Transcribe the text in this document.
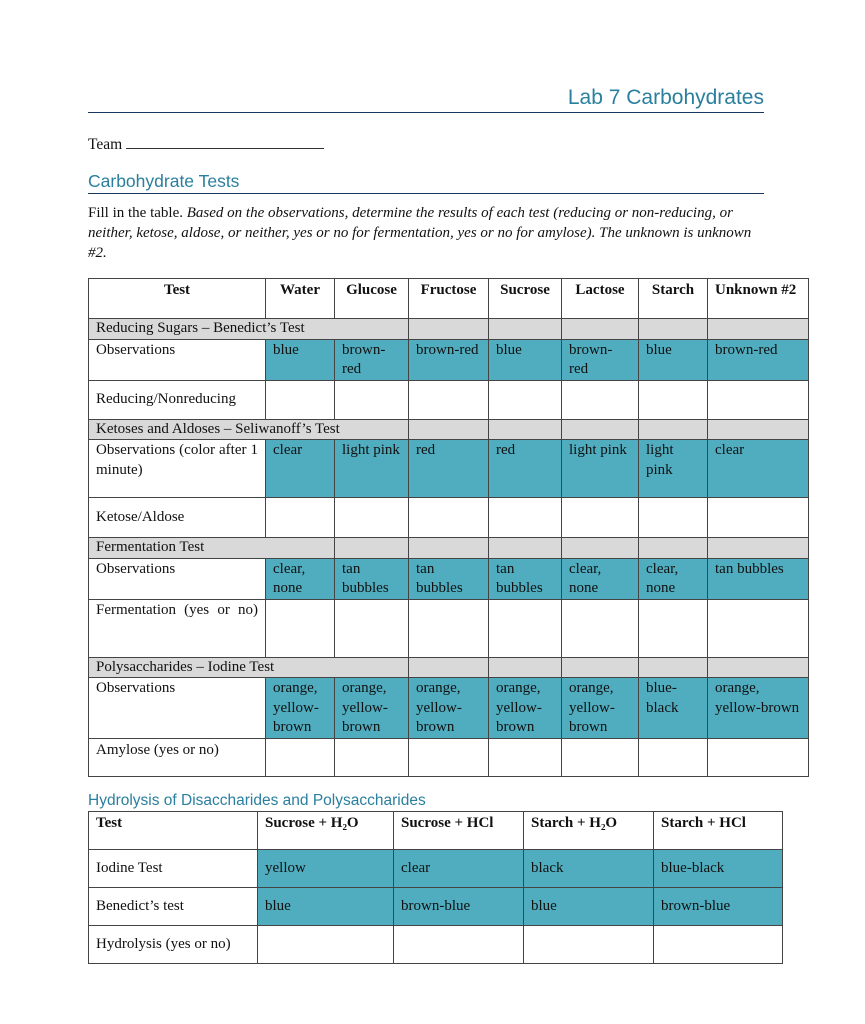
Lab 7 Carbohydrates
Team
Carbohydrate Tests
Fill in the table. Based on the observations, determine the results of each test (reducing or non-reducing, or neither, ketose, aldose, or neither, yes or no for fermentation, yes or no for amylose). The unknown is unknown #2.
Test	Water	Glucose	Fructose	Sucrose	Lactose	Starch	Unknown #2
Reducing Sugars – Benedict’s Test							
Observations	blue	brown-red	brown-red	blue	brown-red	blue	brown-red
Reducing/Nonreducing							
Ketoses and Aldoses – Seliwanoff’s Test							
Observations (color after 1 minute)	clear	light pink	red	red	light pink	light pink	clear
Ketose/Aldose							
Fermentation Test							
Observations	clear, none	tan bubbles	tan bubbles	tan bubbles	clear, none	clear, none	tan bubbles
Fermentation (yes or no)							
Polysaccharides – Iodine Test							
Observations	orange, yellow-brown	orange, yellow-brown	orange, yellow-brown	orange, yellow-brown	orange, yellow-brown	blue-black	orange, yellow-brown
Amylose (yes or no)							
Hydrolysis of Disaccharides and Polysaccharides
Test	Sucrose + H₂O	Sucrose + HCl	Starch + H₂O	Starch + HCl
Iodine Test	yellow	clear	black	blue-black
Benedict’s test	blue	brown-blue	blue	brown-blue
Hydrolysis (yes or no)				
